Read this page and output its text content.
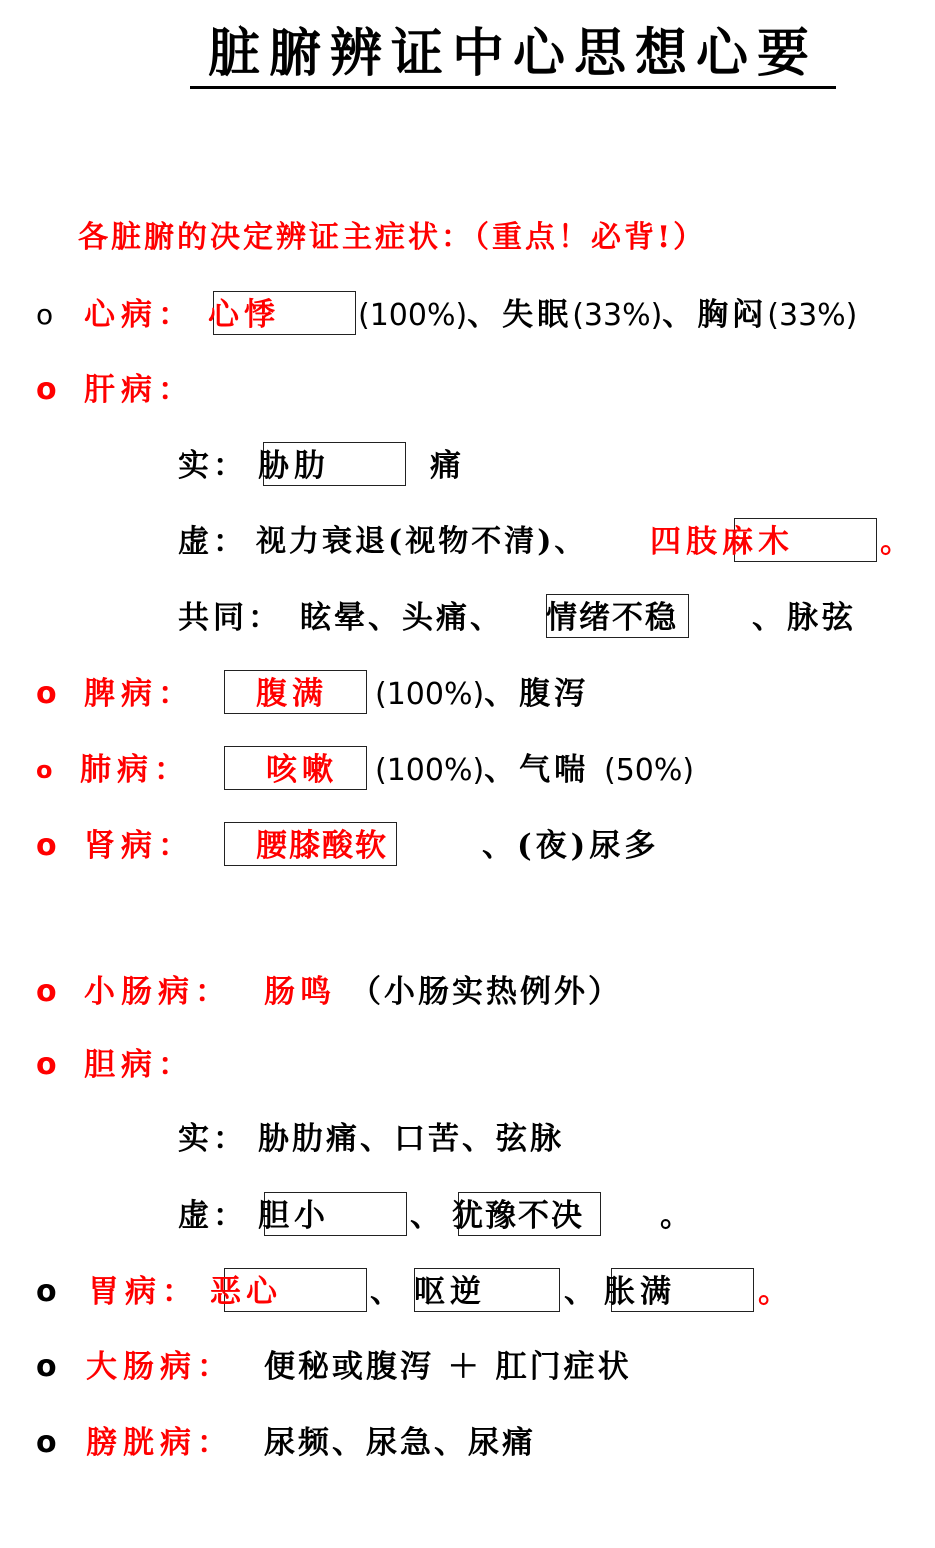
脏腑辨证中心思想心要
各脏腑的决定辨证主症状：（重点！必背!）
o 心病： 心悸	(100%)、失眠(33%)、胸闷(33%)
o 肝病：
实： 胁肋	痛
虚： 视力衰退(视物不清)、 四肢麻木	。
共同： 眩晕、头痛、 情绪不稳 、脉弦
o 脾病： 腹满 (100%)、腹泻
o 肺病： 咳嗽 (100%)、气喘 (50%)
o 肾病： 腰膝酸软	、(夜)尿多
o 小肠病： 肠鸣 （小肠实热例外）
o 胆病：
实： 胁肋痛、口苦、弦脉
虚： 胆小	、 犹豫不决 。
o 胃病： 恶心	、 呕逆	、 胀满	。
o 大肠病： 便秘或腹泻 ＋ 肛门症状
o 膀胱病： 尿频、尿急、尿痛
